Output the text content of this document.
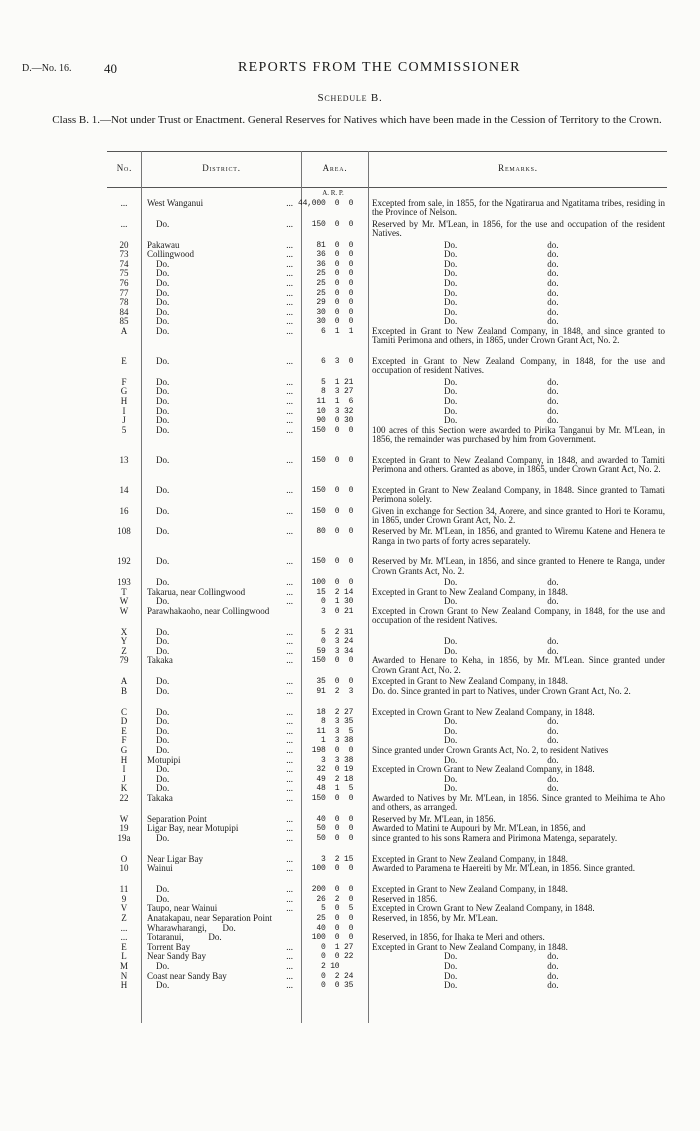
D.—No. 16.	40	REPORTS FROM THE COMMISSIONER
Schedule B.
Class B. 1.—Not under Trust or Enactment. General Reserves for Natives which have been made in the Cession of Territory to the Crown.
No.	District.	Area.	Remarks.
A. R. P.
...	West Wanganui	... 44,000  0  0	Excepted from sale, in 1855, for the Ngatirarua and Ngatitama tribes, residing in the Province of Nelson.
...	Do.	... 150  0  0	Reserved by Mr. M'Lean, in 1856, for the use and occupation of the resident Natives.
20	Pakawau	... 81  0  0	Do.                                        do.
73	Collingwood	... 36  0  0	Do.                                        do.
74	Do.	... 36  0  0	Do.                                        do.
75	Do.	... 25  0  0	Do.                                        do.
76	Do.	... 25  0  0	Do.                                        do.
77	Do.	... 25  0  0	Do.                                        do.
78	Do.	... 29  0  0	Do.                                        do.
84	Do.	... 30  0  0	Do.                                        do.
85	Do.	... 30  0  0	Do.                                        do.
A	Do.	... 6  1  1	Excepted in Grant to New Zealand Company, in 1848, and since granted to Tamiti Perimona and others, in 1865, under Crown Grant Act, No. 2.
E	Do.	... 6  3  0	Excepted in Grant to New Zealand Company, in 1848, for the use and occupation of resident Natives.
F	Do.	... 5  1 21	Do.                                        do.
G	Do.	... 8  3 27	Do.                                        do.
H	Do.	... 11  1  6	Do.                                        do.
I	Do.	... 10  3 32	Do.                                        do.
J	Do.	... 90  0 30	Do.                                        do.
5	Do.	... 150  0  0	100 acres of this Section were awarded to Pirika Tanganui by Mr. M'Lean, in 1856, the remainder was purchased by him from Government.
13	Do.	... 150  0  0	Excepted in Grant to New Zealand Company, in 1848, and awarded to Tamiti Perimona and others. Granted as above, in 1865, under Crown Grant Act, No. 2.
14	Do.	... 150  0  0	Excepted in Grant to New Zealand Company, in 1848. Since granted to Tamati Perimona solely.
16	Do.	... 150  0  0	Given in exchange for Section 34, Aorere, and since granted to Hori te Koramu, in 1865, under Crown Grant Act, No. 2.
108	Do.	... 80  0  0	Reserved by Mr. M'Lean, in 1856, and granted to Wiremu Katene and Henera te Ranga in two parts of forty acres separately.
192	Do.	... 150  0  0	Reserved by Mr. M'Lean, in 1856, and since granted to Henere te Ranga, under Crown Grants Act, No. 2.
193	Do.	... 100  0  0	Do.                                        do.
T	Takarua, near Collingwood	... 15  2 14	Excepted in Grant to New Zealand Company, in 1848.
W	Do.	... 0  1 30	Do.                                        do.
W	Parawhakaoho, near Collingwood	3  0 21	Excepted in Crown Grant to New Zealand Company, in 1848, for the use and occupation of the resident Natives.
X	Do.	... 5  2 31
Y	Do.	... 0  3 24	Do.                                        do.
Z	Do.	... 59  3 34	Do.                                        do.
79	Takaka	... 150  0  0	Awarded to Henare to Keha, in 1856, by Mr. M'Lean. Since granted under Crown Grant Act, No. 2.
A	Do.	... 35  0  0	Excepted in Grant to New Zealand Company, in 1848.
B	Do.	... 91  2  3	Do. do. Since granted in part to Natives, under Crown Grant Act, No. 2.
C	Do.	... 18  2 27	Excepted in Crown Grant to New Zealand Company, in 1848.
D	Do.	... 8  3 35	Do.                                        do.
E	Do.	... 11  3  5	Do.                                        do.
F	Do.	... 1  3 38	Do.                                        do.
G	Do.	... 198  0  0	Since granted under Crown Grants Act, No. 2, to resident Natives
H	Motupipi	... 3  3 38	Do.                                        do.
I	Do.	... 32  0 19	Excepted in Crown Grant to New Zealand Company, in 1848.
J	Do.	... 49  2 18	Do.                                        do.
K	Do.	... 48  1  5	Do.                                        do.
22	Takaka	... 150  0  0	Awarded to Natives by Mr. M'Lean, in 1856. Since granted to Meihima te Aho and others, as arranged.
W	Separation Point	... 40  0  0	Reserved by Mr. M'Lean, in 1856.
19	Ligar Bay, near Motupipi	... 50  0  0	Awarded to Matini te Aupouri by Mr. M'Lean, in 1856, and
19a	Do.	... 50  0  0	since granted to his sons Ramera and Pirimona Matenga, separately.
O	Near Ligar Bay	... 3  2 15	Excepted in Grant to New Zealand Company, in 1848.
10	Wainui	... 100  0  0	Awarded to Paramena te Haereiti by Mr. M'Lean, in 1856. Since granted.
11	Do.	... 200  0  0	Excepted in Grant to New Zealand Company, in 1848.
9	Do.	... 26  2  0	Reserved in 1856.
V	Taupo, near Wainui	... 5  0  5	Excepted in Crown Grant to New Zealand Company, in 1848.
Z	Anatakapau, near Separation Point	25  0  0	Reserved, in 1856, by Mr. M'Lean.
...	Wharawharangi,       Do.	40  0  0
...	Totaranui,           Do.	100  0  0	Reserved, in 1856, for Ihaka te Meri and others.
E	Torrent Bay	... 0  1 27	Excepted in Grant to New Zealand Company, in 1848.
L	Near Sandy Bay	... 0  0 22	Do.                                        do.
M	Do.	... 2 10	Do.                                        do.
N	Coast near Sandy Bay	... 0  2 24	Do.                                        do.
H	Do.	... 0  0 35	Do.                                        do.
